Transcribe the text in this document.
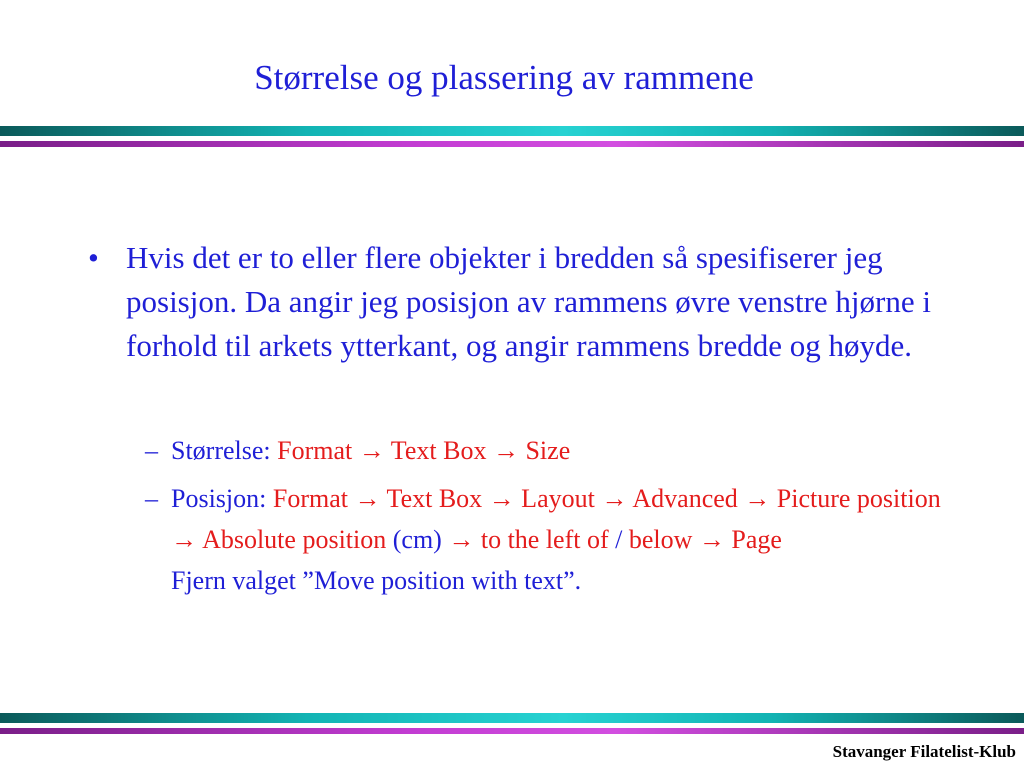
Størrelse og plassering av rammene
• Hvis det er to eller flere objekter i bredden så spesifiserer jeg posisjon. Da angir jeg posisjon av rammens øvre venstre hjørne i forhold til arkets ytterkant, og angir rammens bredde og høyde.
– Størrelse: Format → Text Box → Size
– Posisjon: Format → Text Box → Layout → Advanced → Picture position → Absolute position (cm) → to the left of / below → Page
Fjern valget ”Move position with text”.
Stavanger Filatelist-Klub
